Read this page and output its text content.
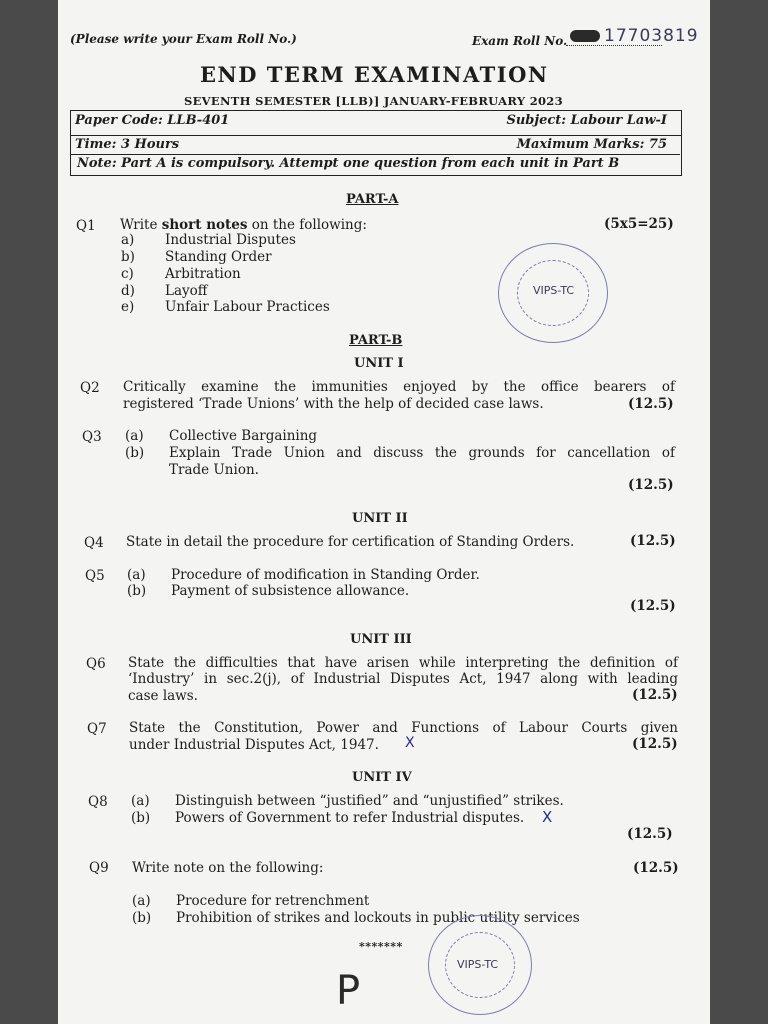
(Please write your Exam Roll No.)	Exam Roll No. 17703819
END TERM EXAMINATION
SEVENTH SEMESTER [LLB)] JANUARY-FEBRUARY 2023
Paper Code: LLB-401	Subject: Labour Law-I
Time: 3 Hours	Maximum Marks: 75
Note: Part A is compulsory. Attempt one question from each unit in Part B
PART-A
Q1 Write short notes on the following:	(5x5=25)
a) Industrial Disputes
b) Standing Order
c) Arbitration
d) Layoff
e) Unfair Labour Practices
VIPS-TC
PART-B
UNIT I
Q2 Critically examine the immunities enjoyed by the office bearers of
registered ‘Trade Unions’ with the help of decided case laws.	(12.5)
Q3 (a) Collective Bargaining
(b) Explain Trade Union and discuss the grounds for cancellation of
Trade Union.
(12.5)
UNIT II
Q4 State in detail the procedure for certification of Standing Orders.	(12.5)
Q5 (a) Procedure of modification in Standing Order.
(b) Payment of subsistence allowance.
(12.5)
UNIT III
Q6 State the difficulties that have arisen while interpreting the definition of
‘Industry’ in sec.2(j), of Industrial Disputes Act, 1947 along with leading
case laws.	(12.5)
Q7 State the Constitution, Power and Functions of Labour Courts given
under Industrial Disputes Act, 1947. X	(12.5)
UNIT IV
Q8 (a) Distinguish between “justified” and “unjustified” strikes.
(b) Powers of Government to refer Industrial disputes. X
(12.5)
Q9 Write note on the following:	(12.5)
(a) Procedure for retrenchment
(b) Prohibition of strikes and lockouts in public utility services
*******
VIPS-TC
P
